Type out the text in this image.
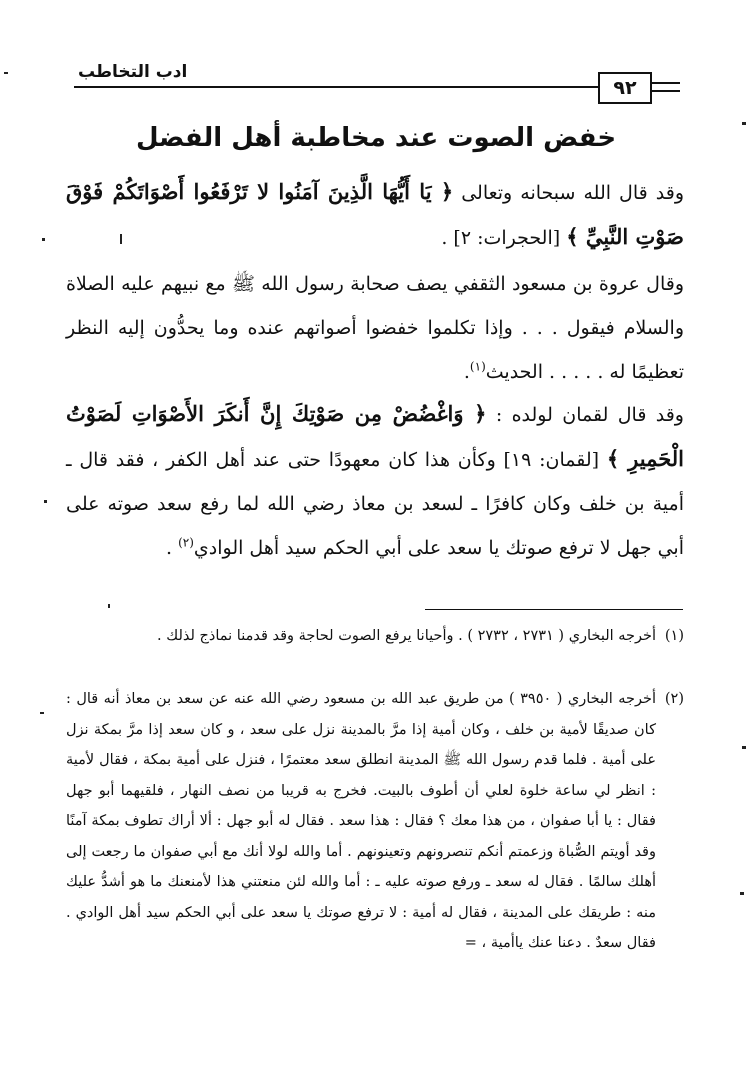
ادب التخاطب
٩٢
خفض الصوت عند مخاطبة أهل الفضل

وقد قال الله سبحانه وتعالى ﴿ يَا أَيُّهَا الَّذِينَ آمَنُوا لا تَرْفَعُوا أَصْوَاتَكُمْ فَوْقَ صَوْتِ النَّبِيِّ ﴾ [الحجرات: ٢] .

وقال عروة بن مسعود الثقفي يصف صحابة رسول الله ﷺ مع نبيهم عليه الصلاة والسلام فيقول . . . وإذا تكلموا خفضوا أصواتهم عنده وما يحدُّون إليه النظر تعظيمًا له . . . . . الحديث$^{(١)}$.

وقد قال لقمان لولده : ﴿ وَاغْضُضْ مِن صَوْتِكَ إِنَّ أَنكَرَ الأَصْوَاتِ لَصَوْتُ الْحَمِيرِ ﴾ [لقمان: ١٩] وكأن هذا كان معهودًا حتى عند أهل الكفر ، فقد قال ـ أمية بن خلف وكان كافرًا ـ لسعد بن معاذ رضي الله لما رفع سعد صوته على أبي جهل لا ترفع صوتك يا سعد على أبي الحكم سيد أهل الوادي$^{(٢)}$ .

(١)
أخرجه البخاري ( ٢٧٣١ ، ٢٧٣٢ ) . وأحيانا يرفع الصوت لحاجة وقد قدمنا نماذج لذلك .

(٢)
أخرجه البخاري ( ٣٩٥٠ ) من طريق عبد الله بن مسعود رضي الله عنه عن سعد بن معاذ أنه قال : كان صديقًا لأمية بن خلف ، وكان أمية إذا مرَّ بالمدينة نزل على سعد ، و كان سعد إذا مرَّ بمكة نزل على أمية . فلما قدم رسول الله ﷺ المدينة انطلق سعد معتمرًا ، فنزل على أمية بمكة ، فقال لأمية : انظر لي ساعة خلوة لعلي أن أطوف بالبيت. فخرج به قريبا من نصف النهار ، فلقيهما أبو جهل فقال : يا أبا صفوان ، من هذا معك ؟ فقال : هذا سعد . فقال له أبو جهل : ألا أراك تطوف بمكة آمنًا وقد أويتم الصُّباة وزعمتم أنكم تنصرونهم وتعينونهم . أما والله لولا أنك مع أبي صفوان ما رجعت إلى أهلك سالمًا . فقال له سعد ـ ورفع صوته عليه ـ : أما والله لئن منعتني هذا لأمنعنك ما هو أشدُّ عليك منه : طريقك على المدينة ، فقال له أمية : لا ترفع صوتك يا سعد على أبي الحكم سيد أهل الوادي . فقال سعدٌ . دعنا عنك ياأمية ، =
